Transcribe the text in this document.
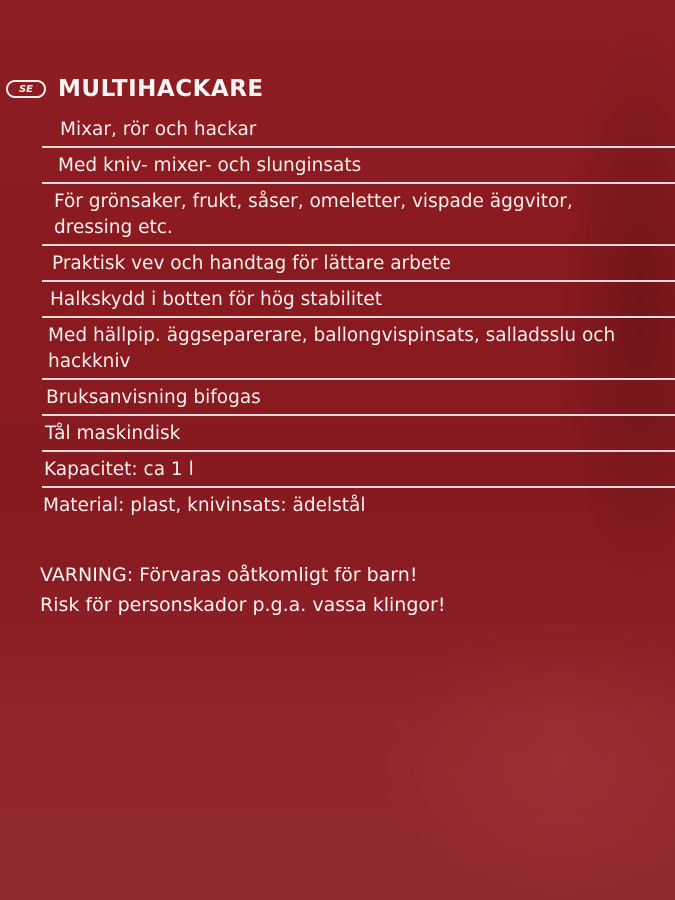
SE	MULTIHACKARE
Mixar, rör och hackar
Med kniv- mixer- och slunginsats
För grönsaker, frukt, såser, omeletter, vispade äggvitor, dressing etc.
Praktisk vev och handtag för lättare arbete
Halkskydd i botten för hög stabilitet
Med hällpip. äggseparerare, ballongvispinsats, salladsslu och hackkniv
Bruksanvisning bifogas
Tål maskindisk
Kapacitet: ca 1 l
Material: plast, knivinsats: ädelstål
VARNING: Förvaras oåtkomligt för barn!
Risk för personskador p.g.a. vassa klingor!
